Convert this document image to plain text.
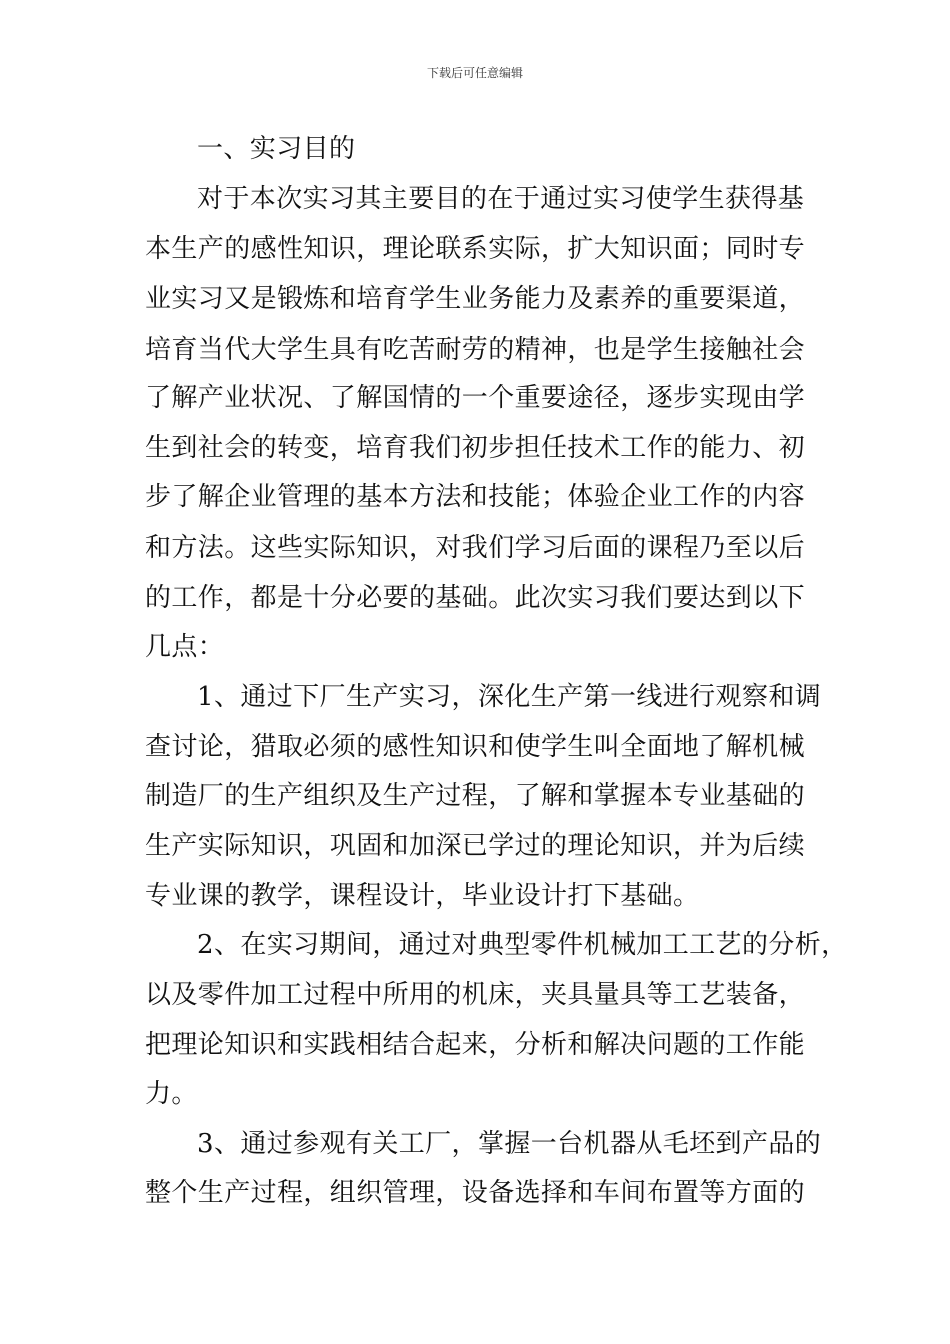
下载后可任意编辑
一、实习目的
对于本次实习其主要目的在于通过实习使学生获得基
本生产的感性知识，理论联系实际，扩大知识面；同时专
业实习又是锻炼和培育学生业务能力及素养的重要渠道，
培育当代大学生具有吃苦耐劳的精神，也是学生接触社会
了解产业状况、了解国情的一个重要途径，逐步实现由学
生到社会的转变，培育我们初步担任技术工作的能力、初
步了解企业管理的基本方法和技能；体验企业工作的内容
和方法。这些实际知识，对我们学习后面的课程乃至以后
的工作，都是十分必要的基础。此次实习我们要达到以下
几点：
1、通过下厂生产实习，深化生产第一线进行观察和调
查讨论，猎取必须的感性知识和使学生叫全面地了解机械
制造厂的生产组织及生产过程，了解和掌握本专业基础的
生产实际知识，巩固和加深已学过的理论知识，并为后续
专业课的教学，课程设计，毕业设计打下基础。
2、在实习期间，通过对典型零件机械加工工艺的分析，
以及零件加工过程中所用的机床，夹具量具等工艺装备，
把理论知识和实践相结合起来，分析和解决问题的工作能
力。
3、通过参观有关工厂，掌握一台机器从毛坯到产品的
整个生产过程，组织管理，设备选择和车间布置等方面的
